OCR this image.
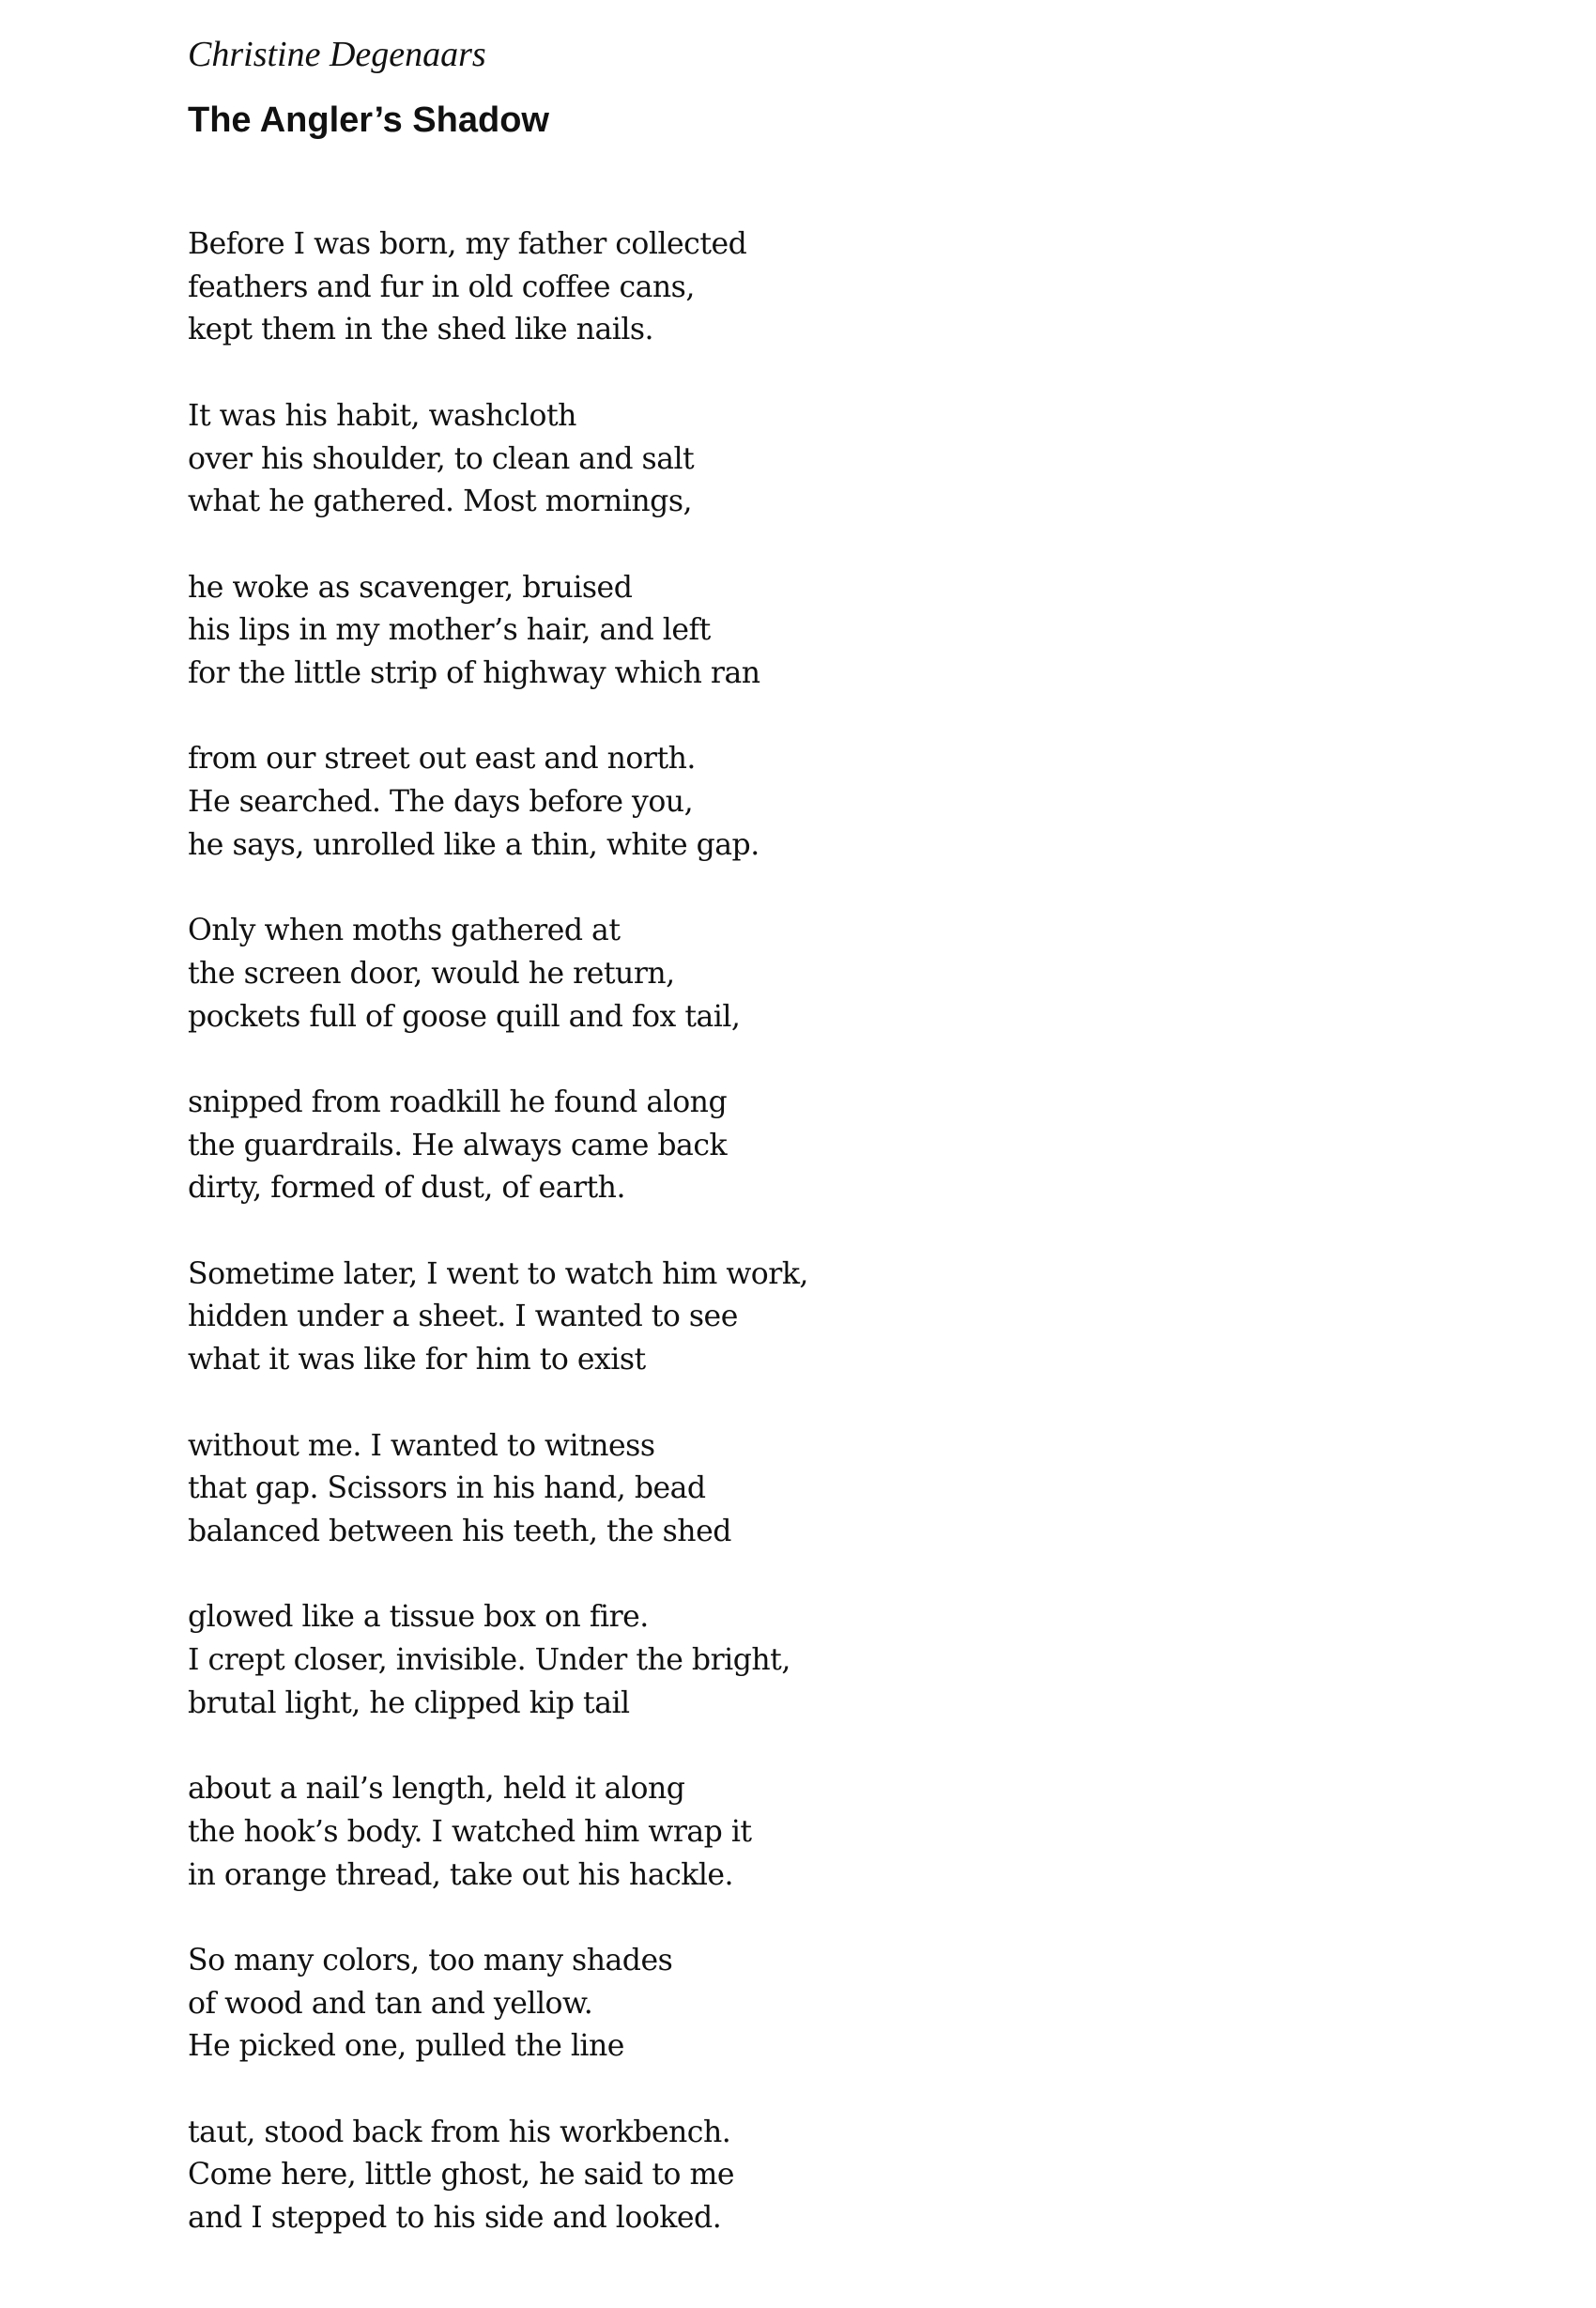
Christine Degenaars

The Angler’s Shadow
Before I was born, my father collected
feathers and fur in old coffee cans,
kept them in the shed like nails.
It was his habit, washcloth
over his shoulder, to clean and salt
what he gathered. Most mornings,
he woke as scavenger, bruised
his lips in my mother’s hair, and left
for the little strip of highway which ran
from our street out east and north.
He searched. The days before you,
he says, unrolled like a thin, white gap.
Only when moths gathered at
the screen door, would he return,
pockets full of goose quill and fox tail,
snipped from roadkill he found along
the guardrails. He always came back
dirty, formed of dust, of earth.
Sometime later, I went to watch him work,
hidden under a sheet. I wanted to see
what it was like for him to exist
without me. I wanted to witness
that gap. Scissors in his hand, bead
balanced between his teeth, the shed
glowed like a tissue box on fire.
I crept closer, invisible. Under the bright,
brutal light, he clipped kip tail
about a nail’s length, held it along
the hook’s body. I watched him wrap it
in orange thread, take out his hackle.
So many colors, too many shades
of wood and tan and yellow.
He picked one, pulled the line
taut, stood back from his workbench.
Come here, little ghost, he said to me
and I stepped to his side and looked.
